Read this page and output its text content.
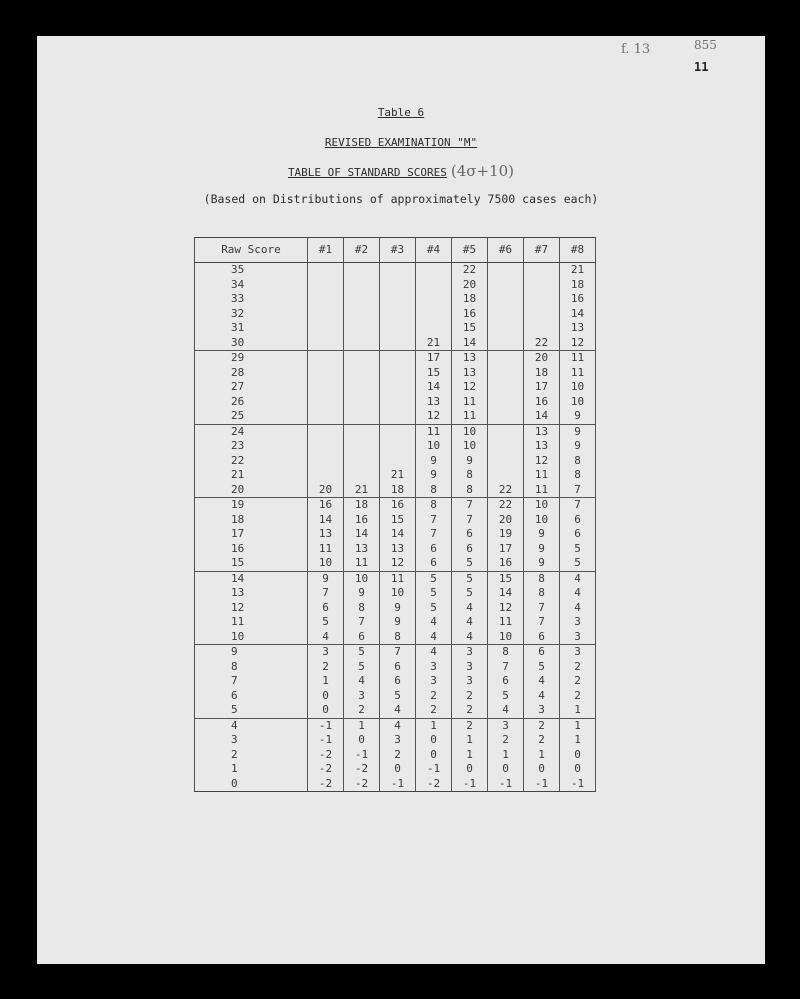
f. 13	855
11
Table 6
REVISED EXAMINATION "M"
TABLE OF STANDARD SCORES (4σ+10)
(Based on Distributions of approximately 7500 cases each)
Raw Score	#1	#2	#3	#4	#5	#6	#7	#8
35					22			21
34					20			18
33					18			16
32					16			14
31					15			13
30				21	14		22	12
29				17	13		20	11
28				15	13		18	11
27				14	12		17	10
26				13	11		16	10
25				12	11		14	9
24				11	10		13	9
23				10	10		13	9
22				9	9		12	8
21			21	9	8		11	8
20	20	21	18	8	8	22	11	7
19	16	18	16	8	7	22	10	7
18	14	16	15	7	7	20	10	6
17	13	14	14	7	6	19	9	6
16	11	13	13	6	6	17	9	5
15	10	11	12	6	5	16	9	5
14	9	10	11	5	5	15	8	4
13	7	9	10	5	5	14	8	4
12	6	8	9	5	4	12	7	4
11	5	7	9	4	4	11	7	3
10	4	6	8	4	4	10	6	3
9	3	5	7	4	3	8	6	3
8	2	5	6	3	3	7	5	2
7	1	4	6	3	3	6	4	2
6	0	3	5	2	2	5	4	2
5	0	2	4	2	2	4	3	1
4	-1	1	4	1	2	3	2	1
3	-1	0	3	0	1	2	2	1
2	-2	-1	2	0	1	1	1	0
1	-2	-2	0	-1	0	0	0	0
0	-2	-2	-1	-2	-1	-1	-1	-1
